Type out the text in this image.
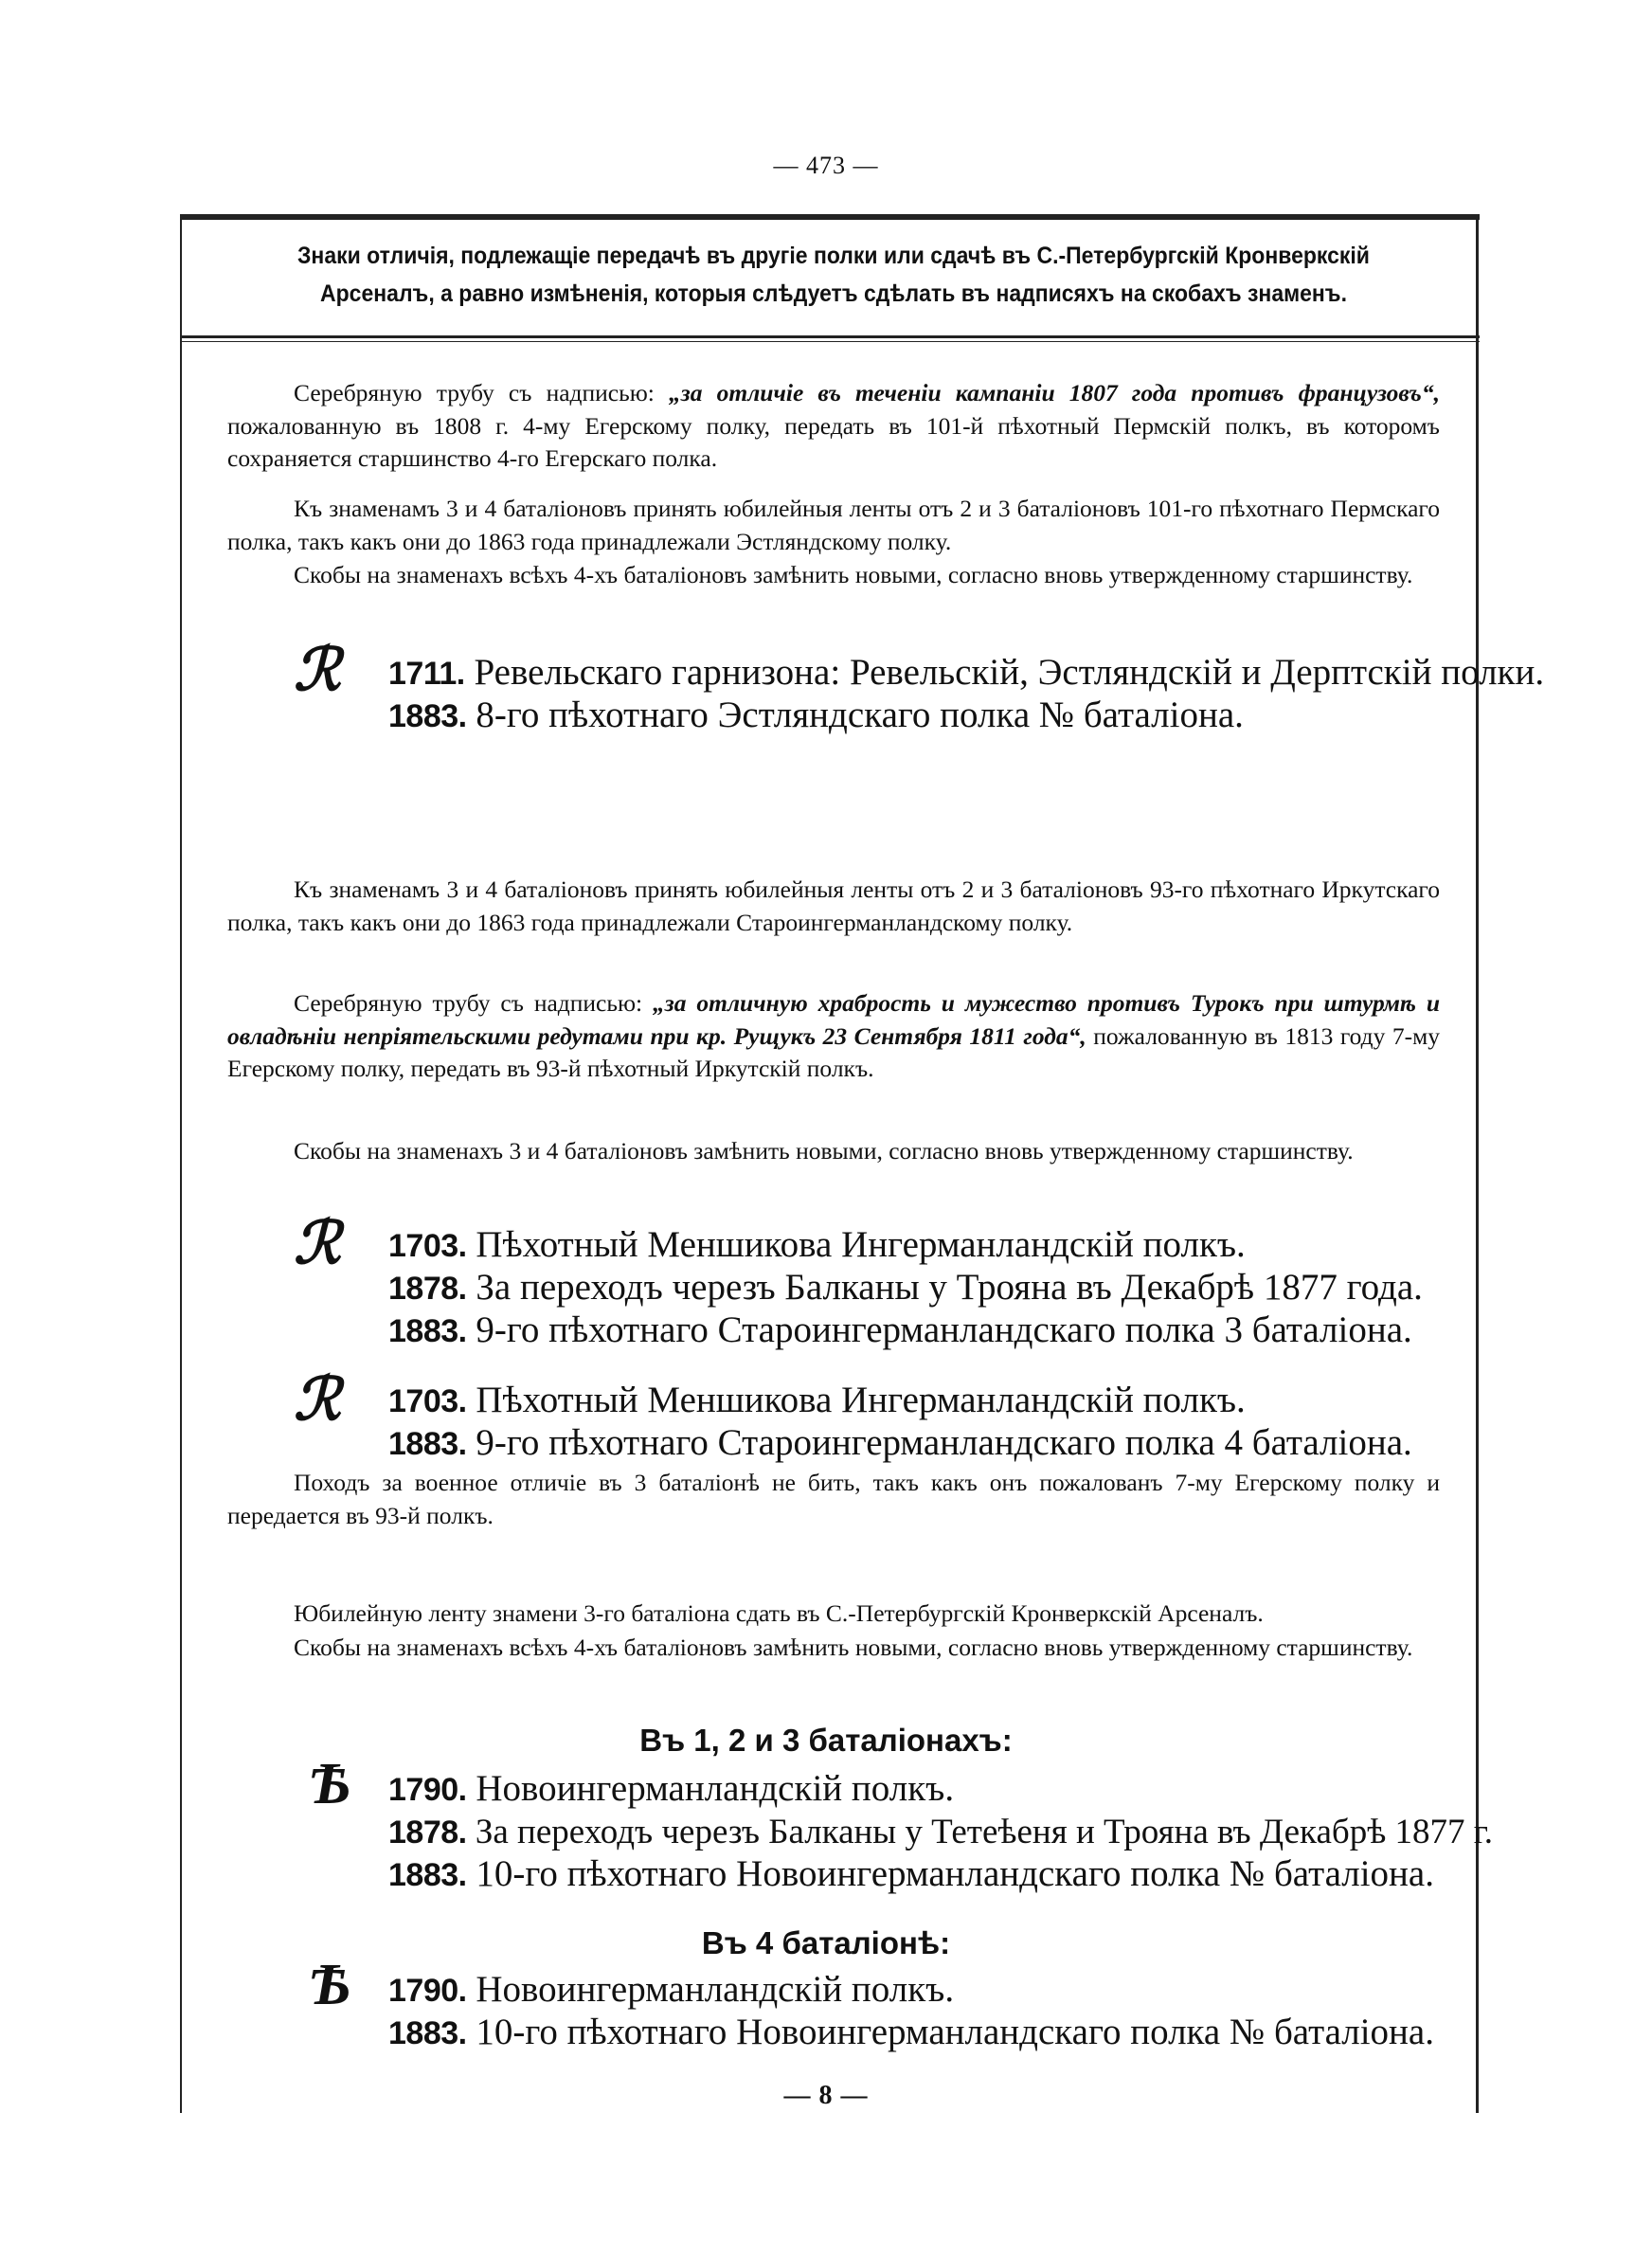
— 473 —
Знаки отличія, подлежащіе передачѣ въ другіе полки или сдачѣ въ С.-Петербургскій Кронверкскій
Арсеналъ, а равно измѣненія, которыя слѣдуетъ сдѣлать въ надписяхъ на скобахъ знаменъ.

Серебряную трубу съ надписью: „за отличіе въ теченіи кампаніи 1807 года противъ французовъ“, пожалованную въ 1808 г. 4-му Егерскому полку, передать въ 101-й пѣхотный Пермскій полкъ, въ которомъ сохраняется старшинство 4-го Егерскаго полка.

Къ знаменамъ 3 и 4 баталіоновъ принять юбилейныя ленты отъ 2 и 3 баталіоновъ 101-го пѣхотнаго Пермскаго полка, такъ какъ они до 1863 года принадлежали Эстляндскому полку.

Скобы на знаменахъ всѣхъ 4-хъ баталіоновъ замѣнить новыми, согласно вновь утвержденному старшинству.

ℛ 1711. Ревельскаго гарнизона: Ревельскій, Эстляндскій и Дерптскій полки.
1883. 8-го пѣхотнаго Эстляндскаго полка № баталіона.

Къ знаменамъ 3 и 4 баталіоновъ принять юбилейныя ленты отъ 2 и 3 баталіоновъ 93-го пѣхотнаго Иркутскаго полка, такъ какъ они до 1863 года принадлежали Староингерманландскому полку.

Серебряную трубу съ надписью: „за отличную храбрость и мужество противъ Турокъ при штурмѣ и овладѣніи непріятельскими редутами при кр. Рущукъ 23 Сентября 1811 года“, пожалованную въ 1813 году 7-му Егерскому полку, передать въ 93-й пѣхотный Иркутскій полкъ.

Скобы на знаменахъ 3 и 4 баталіоновъ замѣнить новыми, согласно вновь утвержденному старшинству.

ℛ 1703. Пѣхотный Меншикова Ингерманландскій полкъ.
1878. За переходъ черезъ Балканы у Трояна въ Декабрѣ 1877 года.
1883. 9-го пѣхотнаго Староингерманландскаго полка 3 баталіона.
ℛ 1703. Пѣхотный Меншикова Ингерманландскій полкъ.
1883. 9-го пѣхотнаго Староингерманландскаго полка 4 баталіона.

Походъ за военное отличіе въ 3 баталіонѣ не бить, такъ какъ онъ пожалованъ 7-му Егерскому полку и передается въ 93-й полкъ.

Юбилейную ленту знамени 3-го баталіона сдать въ С.-Петербургскій Кронверкскій Арсеналъ.

Скобы на знаменахъ всѣхъ 4-хъ баталіоновъ замѣнить новыми, согласно вновь утвержденному старшинству.

Въ 1, 2 и 3 баталіонахъ:
Ѣ 1790. Новоингерманландскій полкъ.
1878. За переходъ черезъ Балканы у Тетеѣеня и Трояна въ Декабрѣ 1877 г.
1883. 10-го пѣхотнаго Новоингерманландскаго полка № баталіона.
Въ 4 баталіонѣ:
Ѣ 1790. Новоингерманландскій полкъ.
1883. 10-го пѣхотнаго Новоингерманландскаго полка № баталіона.
— 8 —
